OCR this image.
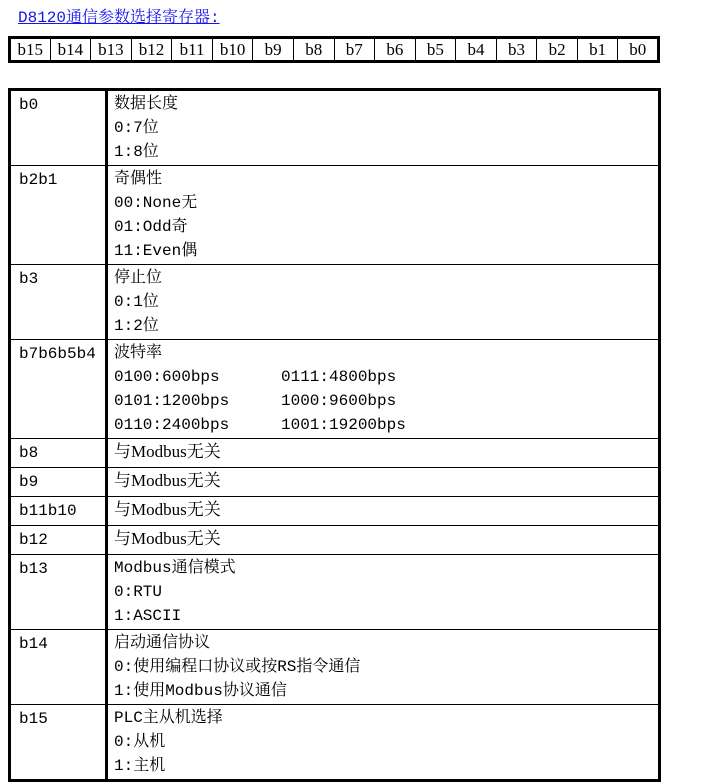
D8120通信参数选择寄存器:
b15	b14	b13	b12	b11	b10	b9	b8	b7	b6	b5	b4	b3	b2	b1	b0
b0	数据长度
0:7位
1:8位

b2b1	奇偶性
00:None无
01:Odd奇
11:Even偶

b3	停止位
0:1位
1:2位

b7b6b5b4	波特率
0100:600bps 0111:4800bps
0101:1200bps 1000:9600bps
0110:2400bps 1001:19200bps

b8	与Modbus无关

b9	与Modbus无关

b11b10	与Modbus无关

b12	与Modbus无关

b13	Modbus通信模式
0:RTU
1:ASCII

b14	启动通信协议
0:使用编程口协议或按RS指令通信
1:使用Modbus协议通信

b15	PLC主从机选择
0:从机
1:主机
